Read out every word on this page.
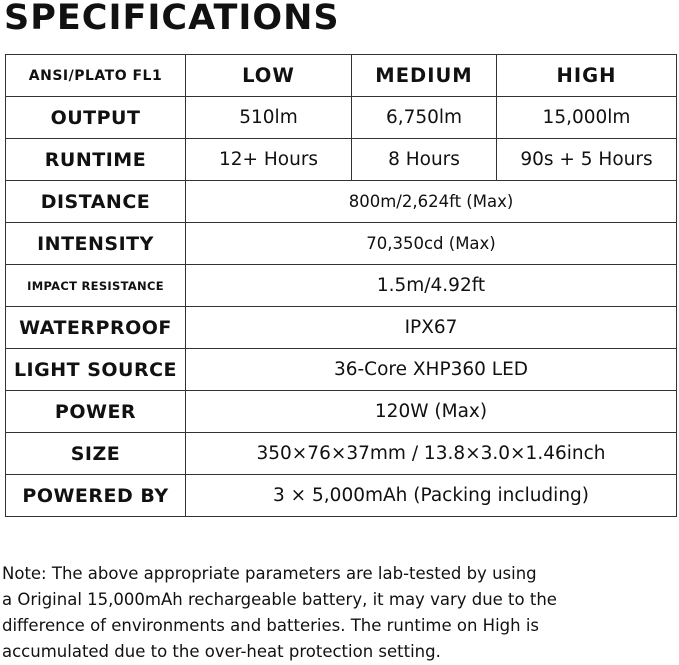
SPECIFICATIONS
ANSI/PLATO FL1	LOW	MEDIUM	HIGH
OUTPUT	510lm	6,750lm	15,000lm
RUNTIME	12+ Hours	8 Hours	90s + 5 Hours
DISTANCE	800m/2,624ft (Max)		
INTENSITY	70,350cd (Max)		
IMPACT RESISTANCE	1.5m/4.92ft		
WATERPROOF	IPX67		
LIGHT SOURCE	36-Core XHP360 LED		
POWER	120W (Max)		
SIZE	350×76×37mm / 13.8×3.0×1.46inch		
POWERED BY	3 × 5,000mAh (Packing including)		

Note: The above appropriate parameters are lab-tested by using
a Original 15,000mAh rechargeable battery, it may vary due to the
difference of environments and batteries. The runtime on High is
accumulated due to the over-heat protection setting.
